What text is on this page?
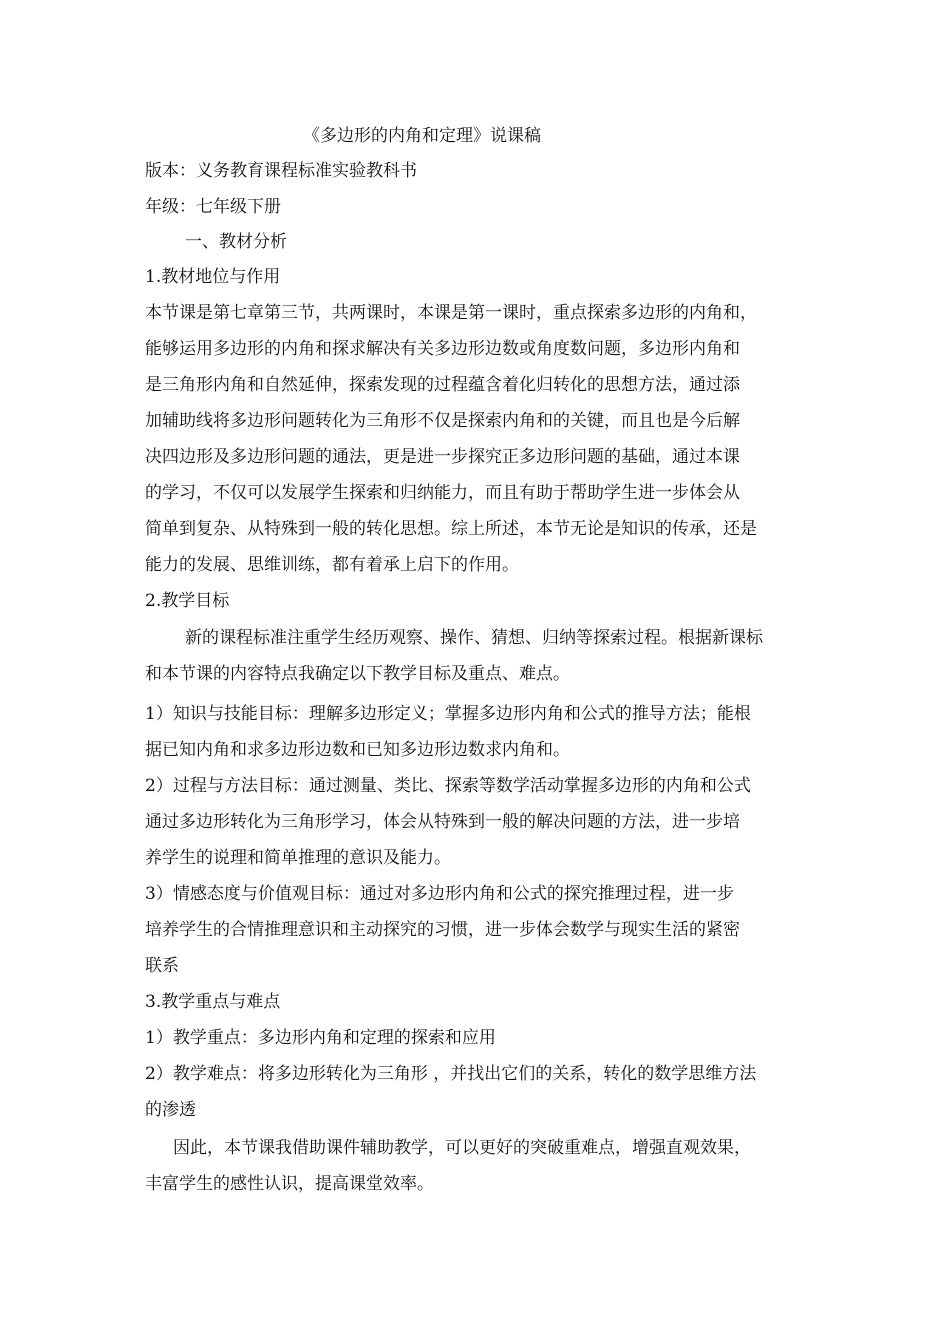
《多边形的内角和定理》说课稿
版本：义务教育课程标准实验教科书
年级：七年级下册
一、教材分析
1.教材地位与作用
本节课是第七章第三节，共两课时，本课是第一课时，重点探索多边形的内角和，
能够运用多边形的内角和探求解决有关多边形边数或角度数问题，多边形内角和
是三角形内角和自然延伸，探索发现的过程蕴含着化归转化的思想方法，通过添
加辅助线将多边形问题转化为三角形不仅是探索内角和的关键，而且也是今后解
决四边形及多边形问题的通法，更是进一步探究正多边形问题的基础，通过本课
的学习，不仅可以发展学生探索和归纳能力，而且有助于帮助学生进一步体会从
简单到复杂、从特殊到一般的转化思想。综上所述，本节无论是知识的传承，还是
能力的发展、思维训练，都有着承上启下的作用。
2.教学目标
新的课程标准注重学生经历观察、操作、猜想、归纳等探索过程。根据新课标
和本节课的内容特点我确定以下教学目标及重点、难点。
1）知识与技能目标：理解多边形定义；掌握多边形内角和公式的推导方法；能根
据已知内角和求多边形边数和已知多边形边数求内角和。
2）过程与方法目标：通过测量、类比、探索等数学活动掌握多边形的内角和公式
通过多边形转化为三角形学习，体会从特殊到一般的解决问题的方法，进一步培
养学生的说理和简单推理的意识及能力。
3）情感态度与价值观目标：通过对多边形内角和公式的探究推理过程，进一步
培养学生的合情推理意识和主动探究的习惯，进一步体会数学与现实生活的紧密
联系
3.教学重点与难点
1）教学重点：多边形内角和定理的探索和应用
2）教学难点：将多边形转化为三角形 ，并找出它们的关系，转化的数学思维方法
的渗透
因此，本节课我借助课件辅助教学，可以更好的突破重难点，增强直观效果，
丰富学生的感性认识，提高课堂效率。
